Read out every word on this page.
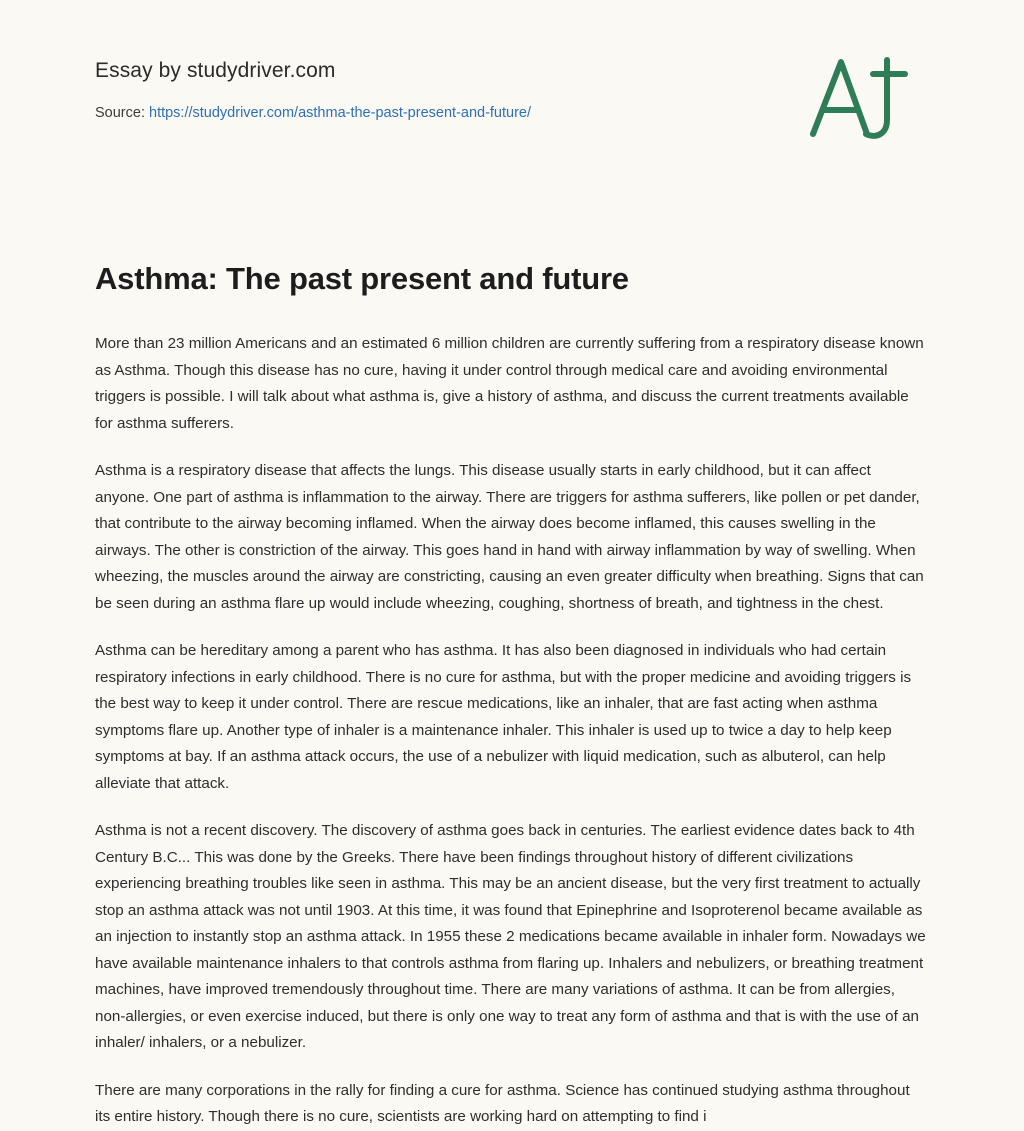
Essay by studydriver.com
Source: https://studydriver.com/asthma-the-past-present-and-future/
Asthma: The past present and future

More than 23 million Americans and an estimated 6 million children are currently suffering from a respiratory disease known as Asthma. Though this disease has no cure, having it under control through medical care and avoiding environmental triggers is possible. I will talk about what asthma is, give a history of asthma, and discuss the current treatments available for asthma sufferers.

Asthma is a respiratory disease that affects the lungs. This disease usually starts in early childhood, but it can affect anyone. One part of asthma is inflammation to the airway. There are triggers for asthma sufferers, like pollen or pet dander, that contribute to the airway becoming inflamed. When the airway does become inflamed, this causes swelling in the airways. The other is constriction of the airway. This goes hand in hand with airway inflammation by way of swelling. When wheezing, the muscles around the airway are constricting, causing an even greater difficulty when breathing. Signs that can be seen during an asthma flare up would include wheezing, coughing, shortness of breath, and tightness in the chest.

Asthma can be hereditary among a parent who has asthma. It has also been diagnosed in individuals who had certain respiratory infections in early childhood. There is no cure for asthma, but with the proper medicine and avoiding triggers is the best way to keep it under control. There are rescue medications, like an inhaler, that are fast acting when asthma symptoms flare up. Another type of inhaler is a maintenance inhaler. This inhaler is used up to twice a day to help keep symptoms at bay. If an asthma attack occurs, the use of a nebulizer with liquid medication, such as albuterol, can help alleviate that attack.

Asthma is not a recent discovery. The discovery of asthma goes back in centuries. The earliest evidence dates back to 4th Century B.C... This was done by the Greeks. There have been findings throughout history of different civilizations experiencing breathing troubles like seen in asthma. This may be an ancient disease, but the very first treatment to actually stop an asthma attack was not until 1903. At this time, it was found that Epinephrine and Isoproterenol became available as an injection to instantly stop an asthma attack. In 1955 these 2 medications became available in inhaler form. Nowadays we have available maintenance inhalers to that controls asthma from flaring up. Inhalers and nebulizers, or breathing treatment machines, have improved tremendously throughout time. There are many variations of asthma. It can be from allergies, non-allergies, or even exercise induced, but there is only one way to treat any form of asthma and that is with the use of an inhaler/ inhalers, or a nebulizer.

There are many corporations in the rally for finding a cure for asthma. Science has continued studying asthma throughout its entire history. Though there is no cure, scientists are working hard on attempting to find i
